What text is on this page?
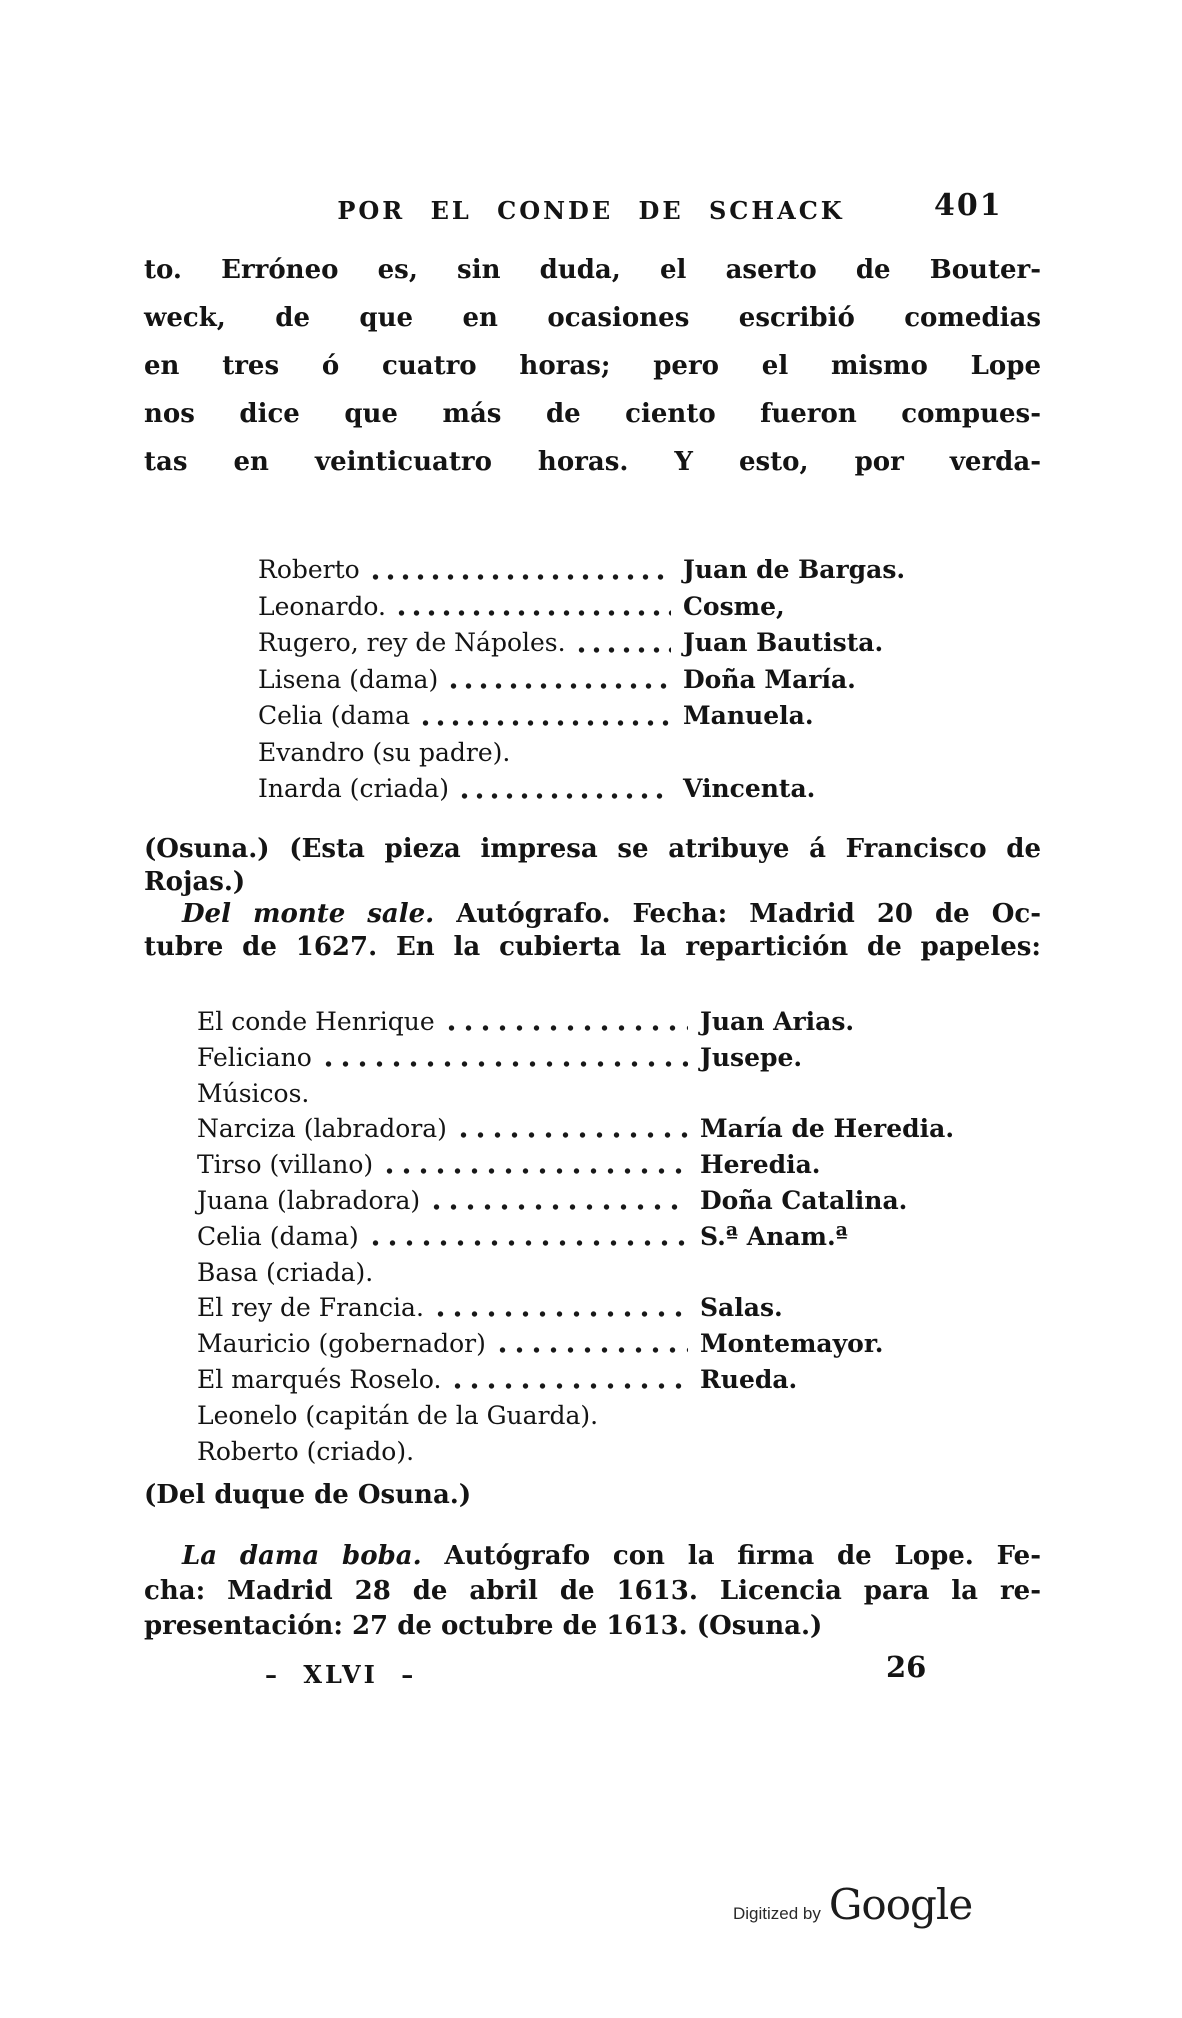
POR EL CONDE DE SCHACK	401
to. Erróneo es, sin duda, el aserto de Bouter-
weck, de que en ocasiones escribió comedias
en tres ó cuatro horas; pero el mismo Lope
nos dice que más de ciento fueron compues-
tas en veinticuatro horas. Y esto, por verda-
Roberto	Juan de Bargas.
Leonardo.	Cosme,
Rugero, rey de Nápoles.	Juan Bautista.
Lisena (dama)	Doña María.
Celia (dama	Manuela.
Evandro (su padre).
Inarda (criada)	Vincenta.
(Osuna.) (Esta pieza impresa se atribuye á Francisco de
Rojas.)
Del monte sale. Autógrafo. Fecha: Madrid 20 de Oc-
tubre de 1627. En la cubierta la repartición de papeles:
El conde Henrique	Juan Arias.
Feliciano	Jusepe.
Músicos.
Narciza (labradora)	María de Heredia.
Tirso (villano)	Heredia.
Juana (labradora)	Doña Catalina.
Celia (dama)	S.ª Anam.ª
Basa (criada).
El rey de Francia.	Salas.
Mauricio (gobernador)	Montemayor.
El marqués Roselo.	Rueda.
Leonelo (capitán de la Guarda).
Roberto (criado).
(Del duque de Osuna.)
La dama boba. Autógrafo con la firma de Lope. Fe-
cha: Madrid 28 de abril de 1613. Licencia para la re-
presentación: 27 de octubre de 1613. (Osuna.)
– XLVI –	26
Digitized by Google
